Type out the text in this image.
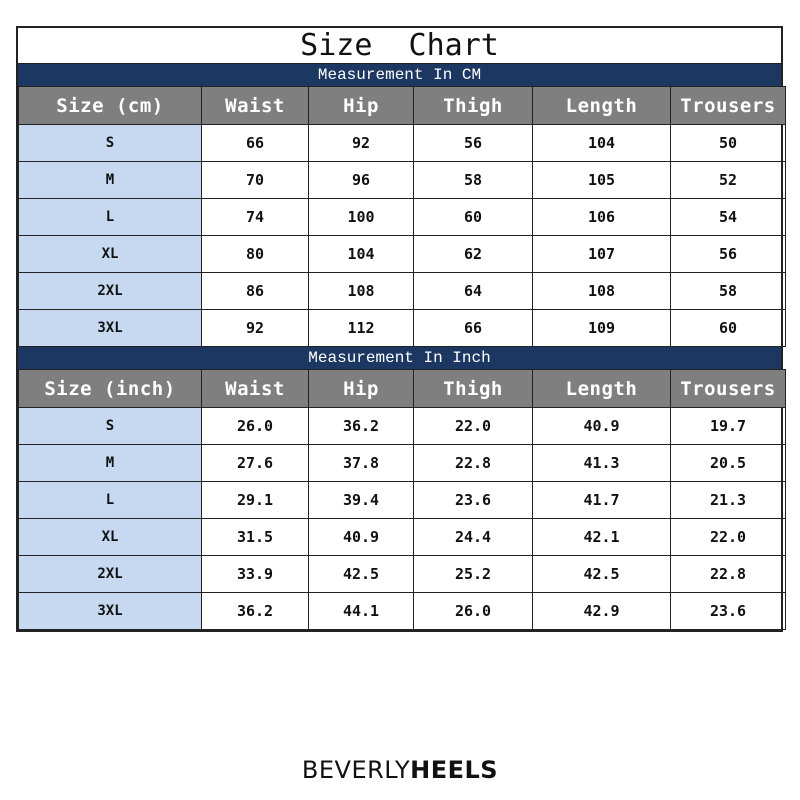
Size  Chart
Measurement In CM
Size (cm)	Waist	Hip	Thigh	Length	Trousers
S	66	92	56	104	50
M	70	96	58	105	52
L	74	100	60	106	54
XL	80	104	62	107	56
2XL	86	108	64	108	58
3XL	92	112	66	109	60
Measurement In Inch
Size (inch)	Waist	Hip	Thigh	Length	Trousers
S	26.0	36.2	22.0	40.9	19.7
M	27.6	37.8	22.8	41.3	20.5
L	29.1	39.4	23.6	41.7	21.3
XL	31.5	40.9	24.4	42.1	22.0
2XL	33.9	42.5	25.2	42.5	22.8
3XL	36.2	44.1	26.0	42.9	23.6
BEVERLYHEELS
